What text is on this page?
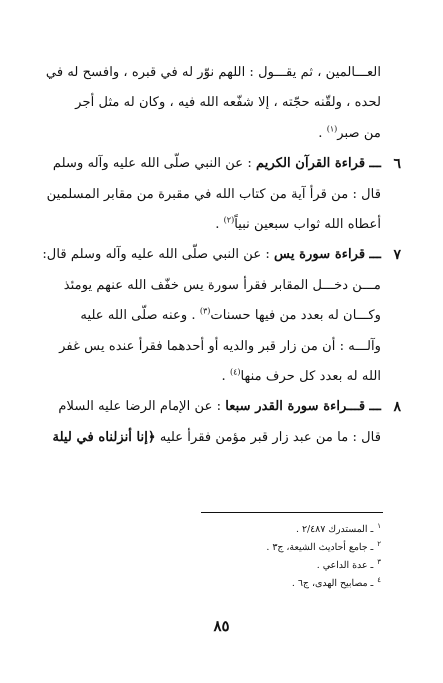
العـــالمين ، ثم يقـــول : اللهم نوّر له في قبره ، وافسح له في
لحده ، ولقّنه حجّته ، إلا شفّعه الله فيه ، وكان له مثل أجر
من صبر$^{(١)}$ .
٦
ـــ قراءة القرآن الكريم : عن النبي صلّى الله عليه وآله وسلم
قال : من قرأ آية من كتاب الله في مقبرة من مقابر المسلمين
أعطاه الله ثواب سبعين نبياً$^{(٢)}$ .
٧
ـــ قراءة سورة يس : عن النبي صلّى الله عليه وآله وسلم قال:
مـــن دخـــل المقابر فقرأ سورة يس خفّف الله عنهم يومئذ
وكـــان له بعدد من فيها حسنات$^{(٣)}$ . وعنه صلّى الله عليه
وآلـــه : أن من زار قبر والديه أو أحدهما فقرأ عنده يس غفر
الله له بعدد كل حرف منها$^{(٤)}$ .
٨
ـــ قـــراءة سورة القدر سبعا : عن الإمام الرضا عليه السلام
قال : ما من عبد زار قبر مؤمن فقرأ عليه ﴿إنا أنزلناه في ليلة
$^١$ـ المستدرك ٢/٤٨٧ .
$^٢$ـ جامع أحاديث الشيعة، ج٣ .
$^٣$ـ عدة الداعي .
$^٤$ـ مصابيح الهدى، ج٦ .
٨٥
